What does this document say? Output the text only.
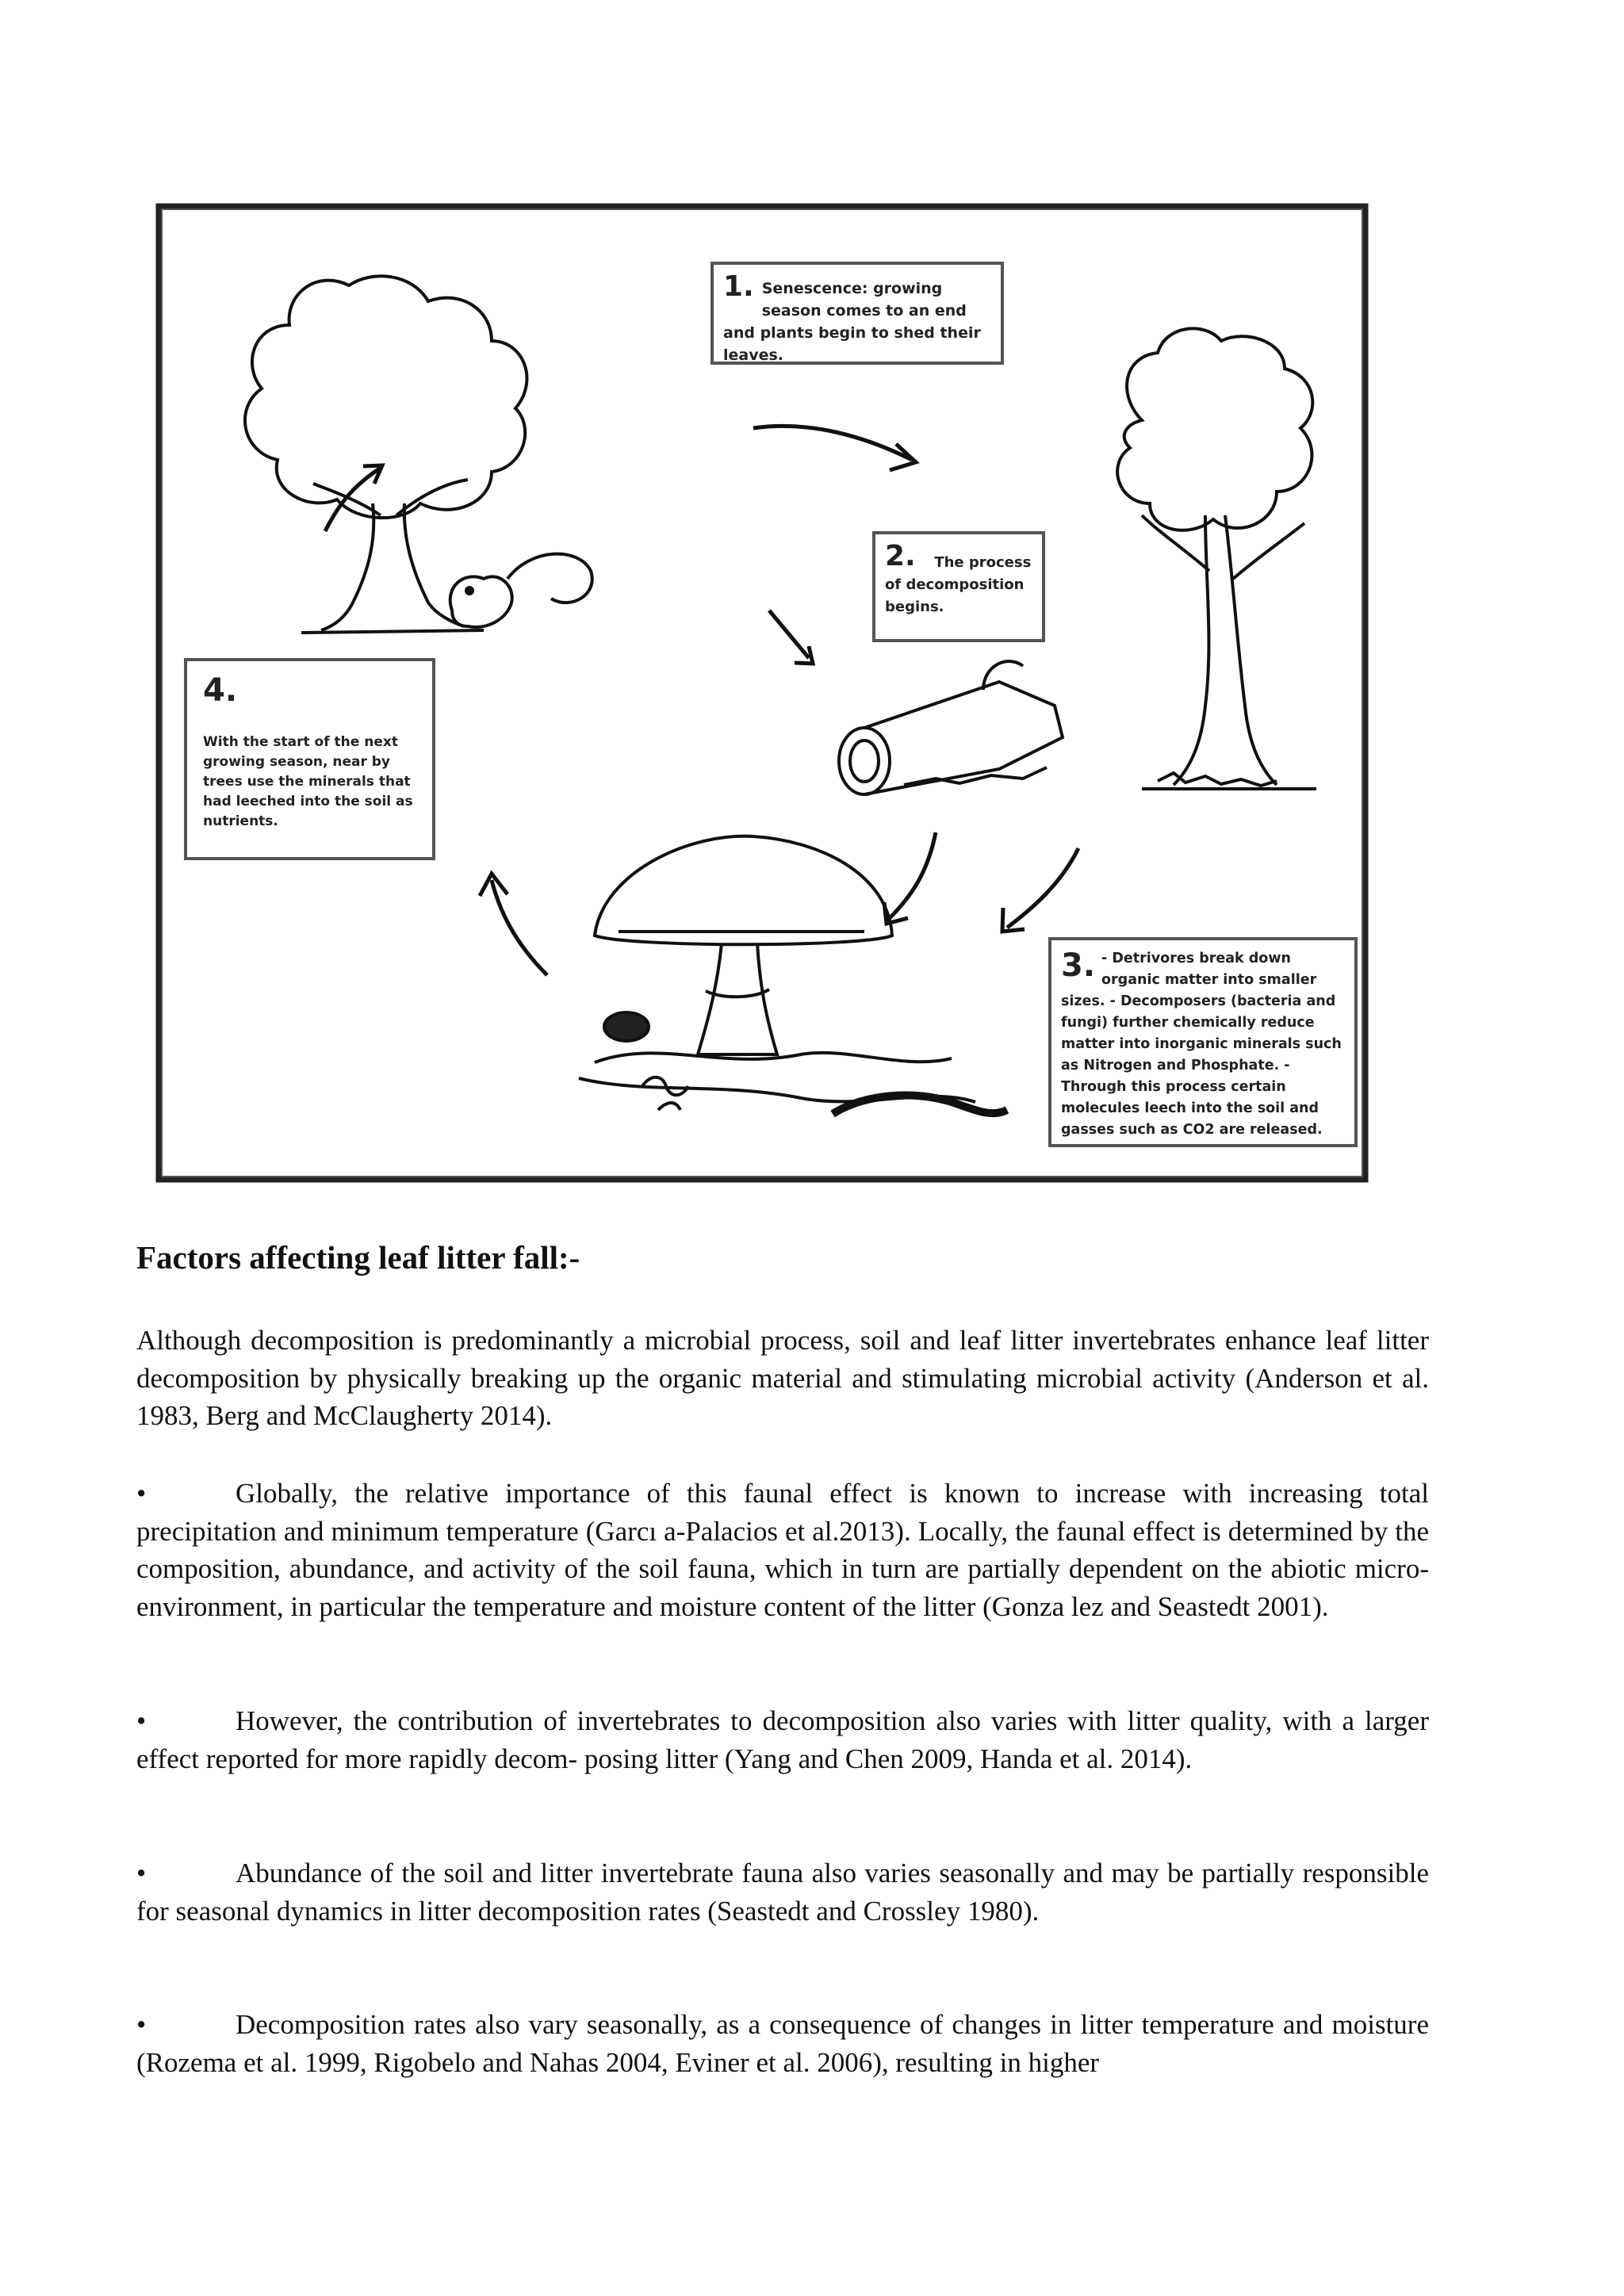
1. Senescence: growing season comes to an end and plants begin to shed their leaves.
2. The process
of decomposition begins.
4.
With the start of the next growing season, near by trees use the minerals that had leeched into the soil as nutrients.
3. - Detrivores break down organic matter into smaller sizes. - Decomposers (bacteria and fungi) further chemically reduce matter into inorganic minerals such as Nitrogen and Phosphate. - Through this process certain molecules leech into the soil and gasses such as CO2 are released.
Factors affecting leaf litter fall:-
Although decomposition is predominantly a microbial process, soil and leaf litter invertebrates enhance leaf litter decomposition by physically breaking up the organic material and stimulating microbial activity (Anderson et al. 1983, Berg and McClaugherty 2014).
•	Globally, the relative importance of this faunal effect is known to increase with increasing total precipitation and minimum temperature (Garcı a-Palacios et al.2013). Locally, the faunal effect is determined by the composition, abundance, and activity of the soil fauna, which in turn are partially dependent on the abiotic micro-environment, in particular the temperature and moisture content of the litter (Gonza lez and Seastedt 2001).
•	However, the contribution of invertebrates to decomposition also varies with litter quality, with a larger effect reported for more rapidly decom- posing litter (Yang and Chen 2009, Handa et al. 2014).
•	Abundance of the soil and litter invertebrate fauna also varies seasonally and may be partially responsible for seasonal dynamics in litter decomposition rates (Seastedt and Crossley 1980).
•	Decomposition rates also vary seasonally, as a consequence of changes in litter temperature and moisture (Rozema et al. 1999, Rigobelo and Nahas 2004, Eviner et al. 2006), resulting in higher
